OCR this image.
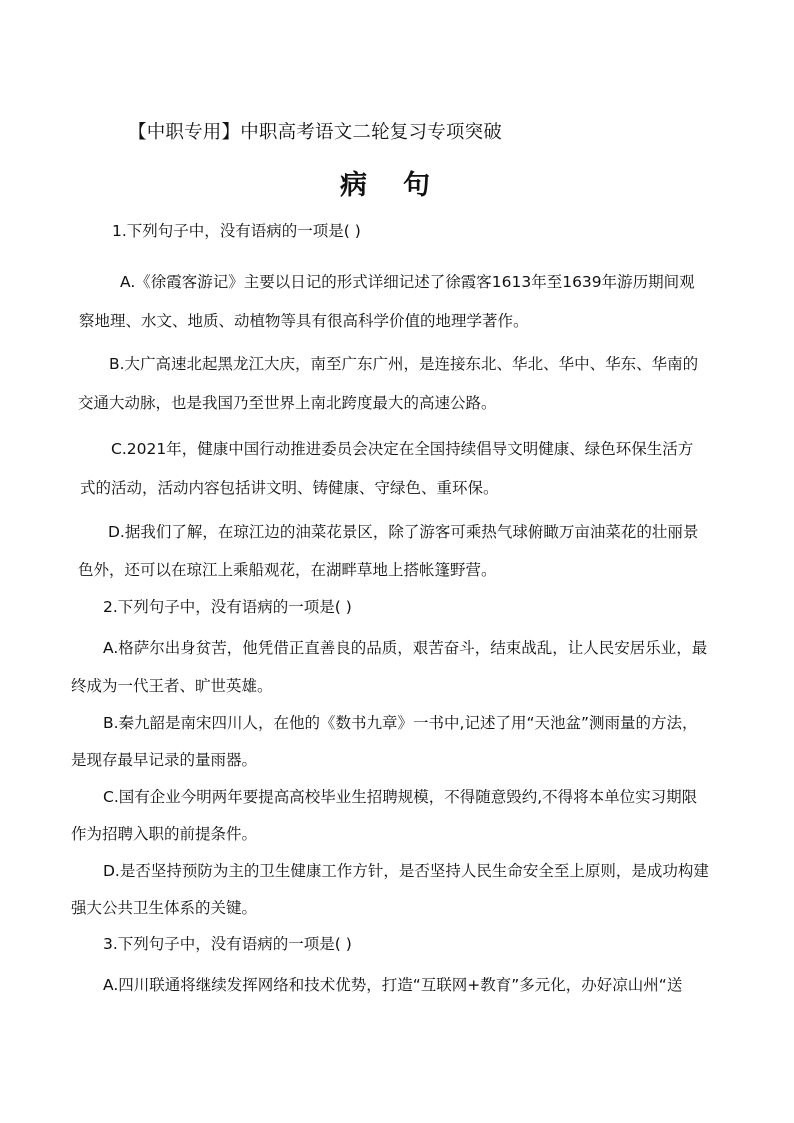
【中职专用】中职高考语文二轮复习专项突破
病句
1.下列句子中，没有语病的一项是( )
A.《徐霞客游记》主要以日记的形式详细记述了徐霞客1613年至1639年游历期间观
察地理、水文、地质、动植物等具有很高科学价值的地理学著作。
B.大广高速北起黑龙江大庆，南至广东广州，是连接东北、华北、华中、华东、华南的
交通大动脉，也是我国乃至世界上南北跨度最大的高速公路。
C.2021年，健康中国行动推进委员会决定在全国持续倡导文明健康、绿色环保生活方
式的活动，活动内容包括讲文明、铸健康、守绿色、重环保。
D.据我们了解，在琼江边的油菜花景区，除了游客可乘热气球俯瞰万亩油菜花的壮丽景
色外，还可以在琼江上乘船观花，在湖畔草地上搭帐篷野营。
2.下列句子中，没有语病的一项是( )
A.格萨尔出身贫苦，他凭借正直善良的品质，艰苦奋斗，结束战乱，让人民安居乐业，最
终成为一代王者、旷世英雄。
B.秦九韶是南宋四川人，在他的《数书九章》一书中,记述了用“天池盆”测雨量的方法，
是现存最早记录的量雨器。
C.国有企业今明两年要提高高校毕业生招聘规模，不得随意毁约,不得将本单位实习期限
作为招聘入职的前提条件。
D.是否坚持预防为主的卫生健康工作方针，是否坚持人民生命安全至上原则，是成功构建
强大公共卫生体系的关键。
3.下列句子中，没有语病的一项是( )
A.四川联通将继续发挥网络和技术优势，打造“互联网+教育”多元化，办好凉山州“送
